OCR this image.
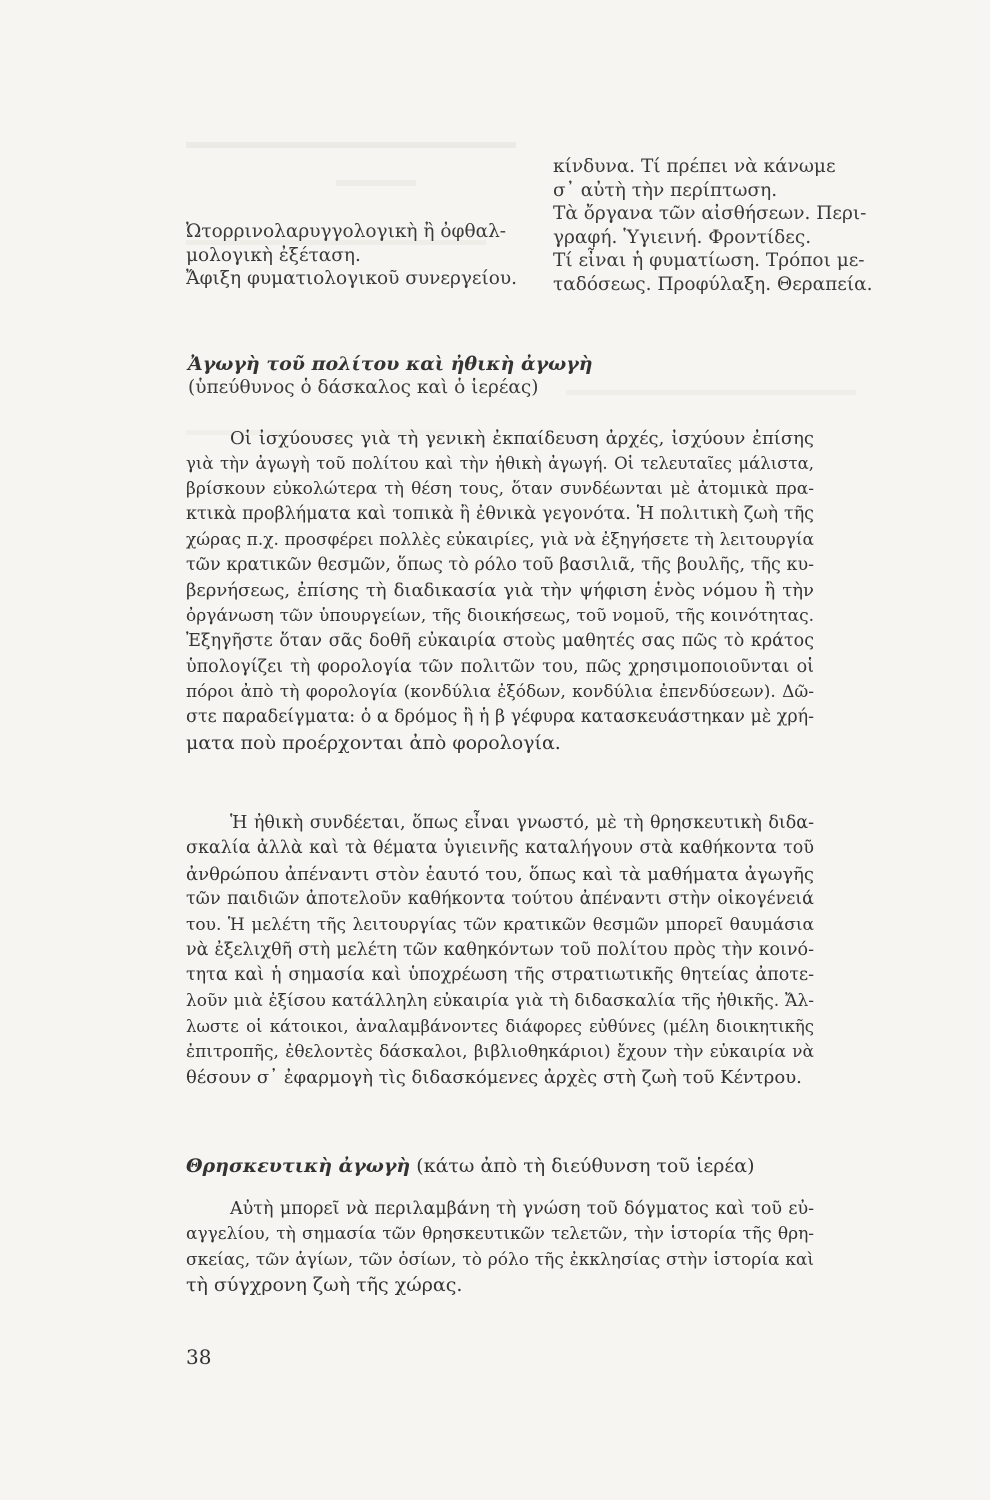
Ὠτορρινολαρυγγολογικὴ ἢ ὀφθαλ-
μολογικὴ ἐξέταση.
Ἄφιξη φυματιολογικοῦ συνεργείου.
κίνδυνα. Τί πρέπει νὰ κάνωμε
σ᾽ αὐτὴ τὴν περίπτωση.
Τὰ ὄργανα τῶν αἰσθήσεων. Περι-
γραφή. Ὑγιεινή. Φροντίδες.
Τί εἶναι ἡ φυματίωση. Τρόποι με-
ταδόσεως. Προφύλαξη. Θεραπεία.
Ἀγωγὴ τοῦ πολίτου καὶ ἠθικὴ ἀγωγὴ
(ὑπεύθυνος ὁ δάσκαλος καὶ ὁ ἱερέας)
Οἱ ἰσχύουσες γιὰ τὴ γενικὴ ἐκπαίδευση ἀρχές, ἰσχύουν ἐπίσης
γιὰ τὴν ἀγωγὴ τοῦ πολίτου καὶ τὴν ἠθικὴ ἀγωγή. Οἱ τελευταῖες μάλιστα,
βρίσκουν εὐκολώτερα τὴ θέση τους, ὅταν συνδέωνται μὲ ἀτομικὰ πρα-
κτικὰ προβλήματα καὶ τοπικὰ ἢ ἐθνικὰ γεγονότα. Ἡ πολιτικὴ ζωὴ τῆς
χώρας π.χ. προσφέρει πολλὲς εὐκαιρίες, γιὰ νὰ ἐξηγήσετε τὴ λειτουργία
τῶν κρατικῶν θεσμῶν, ὅπως τὸ ρόλο τοῦ βασιλιᾶ, τῆς βουλῆς, τῆς κυ-
βερνήσεως, ἐπίσης τὴ διαδικασία γιὰ τὴν ψήφιση ἑνὸς νόμου ἢ τὴν
ὀργάνωση τῶν ὑπουργείων, τῆς διοικήσεως, τοῦ νομοῦ, τῆς κοινότητας.
Ἐξηγῆστε ὅταν σᾶς δοθῆ εὐκαιρία στοὺς μαθητές σας πῶς τὸ κράτος
ὑπολογίζει τὴ φορολογία τῶν πολιτῶν του, πῶς χρησιμοποιοῦνται οἱ
πόροι ἀπὸ τὴ φορολογία (κονδύλια ἐξόδων, κονδύλια ἐπενδύσεων). Δῶ-
στε παραδείγματα: ὁ α δρόμος ἢ ἡ β γέφυρα κατασκευάστηκαν μὲ χρή-
ματα ποὺ προέρχονται ἀπὸ φορολογία.
Ἡ ἠθικὴ συνδέεται, ὅπως εἶναι γνωστό, μὲ τὴ θρησκευτικὴ διδα-
σκαλία ἀλλὰ καὶ τὰ θέματα ὑγιεινῆς καταλήγουν στὰ καθήκοντα τοῦ
ἀνθρώπου ἀπέναντι στὸν ἑαυτό του, ὅπως καὶ τὰ μαθήματα ἀγωγῆς
τῶν παιδιῶν ἀποτελοῦν καθήκοντα τούτου ἀπέναντι στὴν οἰκογένειά
του. Ἡ μελέτη τῆς λειτουργίας τῶν κρατικῶν θεσμῶν μπορεῖ θαυμάσια
νὰ ἐξελιχθῆ στὴ μελέτη τῶν καθηκόντων τοῦ πολίτου πρὸς τὴν κοινό-
τητα καὶ ἡ σημασία καὶ ὑποχρέωση τῆς στρατιωτικῆς θητείας ἀποτε-
λοῦν μιὰ ἐξίσου κατάλληλη εὐκαιρία γιὰ τὴ διδασκαλία τῆς ἠθικῆς. Ἄλ-
λωστε οἱ κάτοικοι, ἀναλαμβάνοντες διάφορες εὐθύνες (μέλη διοικητικῆς
ἐπιτροπῆς, ἐθελοντὲς δάσκαλοι, βιβλιοθηκάριοι) ἔχουν τὴν εὐκαιρία νὰ
θέσουν σ᾽ ἐφαρμογὴ τὶς διδασκόμενες ἀρχὲς στὴ ζωὴ τοῦ Κέντρου.
Θρησκευτικὴ ἀγωγὴ (κάτω ἀπὸ τὴ διεύθυνση τοῦ ἱερέα)
Αὐτὴ μπορεῖ νὰ περιλαμβάνη τὴ γνώση τοῦ δόγματος καὶ τοῦ εὐ-
αγγελίου, τὴ σημασία τῶν θρησκευτικῶν τελετῶν, τὴν ἱστορία τῆς θρη-
σκείας, τῶν ἁγίων, τῶν ὁσίων, τὸ ρόλο τῆς ἐκκλησίας στὴν ἱστορία καὶ
τὴ σύγχρονη ζωὴ τῆς χώρας.
38
